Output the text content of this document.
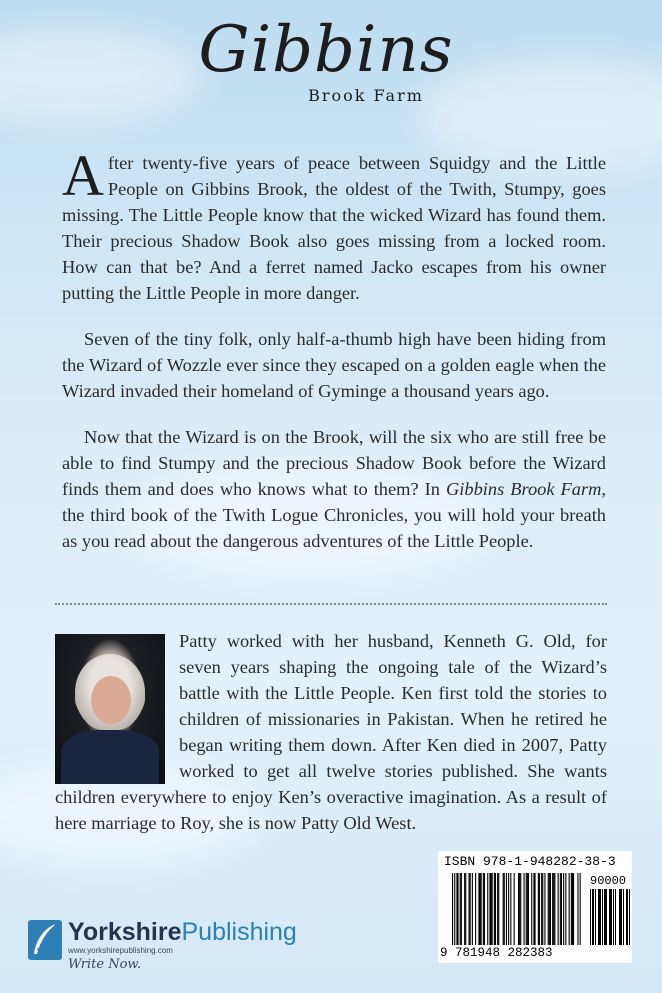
Gibbins
Brook Farm

After twenty-five years of peace between Squidgy and the Little People on Gibbins Brook, the oldest of the Twith, Stumpy, goes missing. The Little People know that the wicked Wizard has found them. Their precious Shadow Book also goes missing from a locked room. How can that be? And a ferret named Jacko escapes from his owner putting the Little People in more danger.

Seven of the tiny folk, only half-a-thumb high have been hiding from the Wizard of Wozzle ever since they escaped on a golden eagle when the Wizard invaded their homeland of Gyminge a thousand years ago.

Now that the Wizard is on the Brook, will the six who are still free be able to find Stumpy and the precious Shadow Book before the Wizard finds them and does who knows what to them? In Gibbins Brook Farm, the third book of the Twith Logue Chronicles, you will hold your breath as you read about the dangerous adventures of the Little People.

Patty worked with her husband, Kenneth G. Old, for seven years shaping the ongoing tale of the Wizard’s battle with the Little People. Ken first told the stories to children of missionaries in Pakistan. When he retired he began writing them down. After Ken died in 2007, Patty worked to get all twelve stories published. She wants children everywhere to enjoy Ken’s overactive imagination. As a result of here marriage to Roy, she is now Patty Old West.
YorkshirePublishing
www.yorkshirepublishing.com
Write Now.
ISBN 978-1-948282-38-3
90000
9 781948 282383
